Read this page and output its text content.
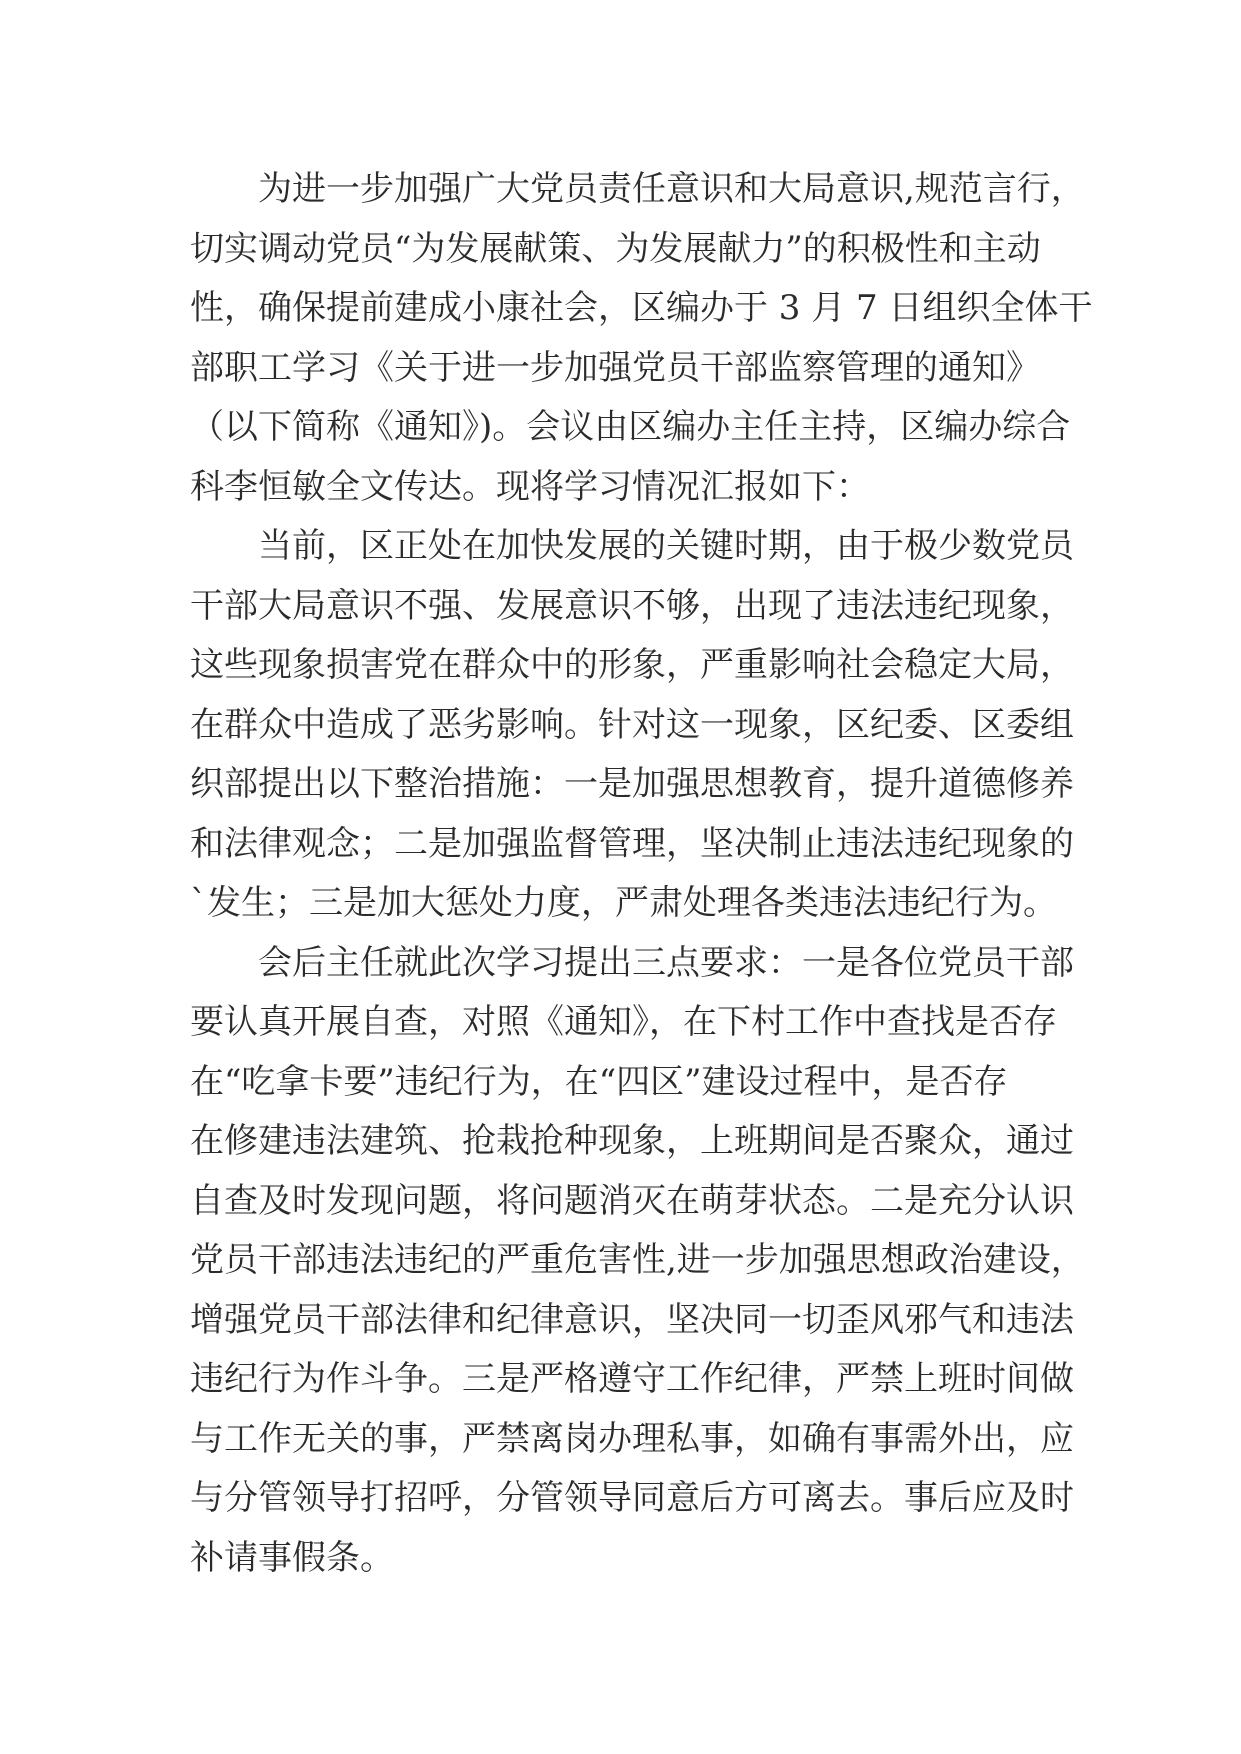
为进一步加强广大党员责任意识和大局意识,规范言行，
切实调动党员“为发展献策、为发展献力”的积极性和主动
性，确保提前建成小康社会，区编办于 3 月 7 日组织全体干
部职工学习《关于进一步加强党员干部监察管理的通知》
（以下简称《通知》)。会议由区编办主任主持，区编办综合
科李恒敏全文传达。现将学习情况汇报如下：
当前，区正处在加快发展的关键时期，由于极少数党员
干部大局意识不强、发展意识不够，出现了违法违纪现象，
这些现象损害党在群众中的形象，严重影响社会稳定大局，
在群众中造成了恶劣影响。针对这一现象，区纪委、区委组
织部提出以下整治措施：一是加强思想教育，提升道德修养
和法律观念；二是加强监督管理，坚决制止违法违纪现象的
`发生；三是加大惩处力度，严肃处理各类违法违纪行为。
会后主任就此次学习提出三点要求：一是各位党员干部
要认真开展自查，对照《通知》，在下村工作中查找是否存
在“吃拿卡要”违纪行为，在“四区”建设过程中，是否存
在修建违法建筑、抢栽抢种现象，上班期间是否聚众，通过
自查及时发现问题，将问题消灭在萌芽状态。二是充分认识
党员干部违法违纪的严重危害性,进一步加强思想政治建设，
增强党员干部法律和纪律意识，坚决同一切歪风邪气和违法
违纪行为作斗争。三是严格遵守工作纪律，严禁上班时间做
与工作无关的事，严禁离岗办理私事，如确有事需外出，应
与分管领导打招呼，分管领导同意后方可离去。事后应及时
补请事假条。
